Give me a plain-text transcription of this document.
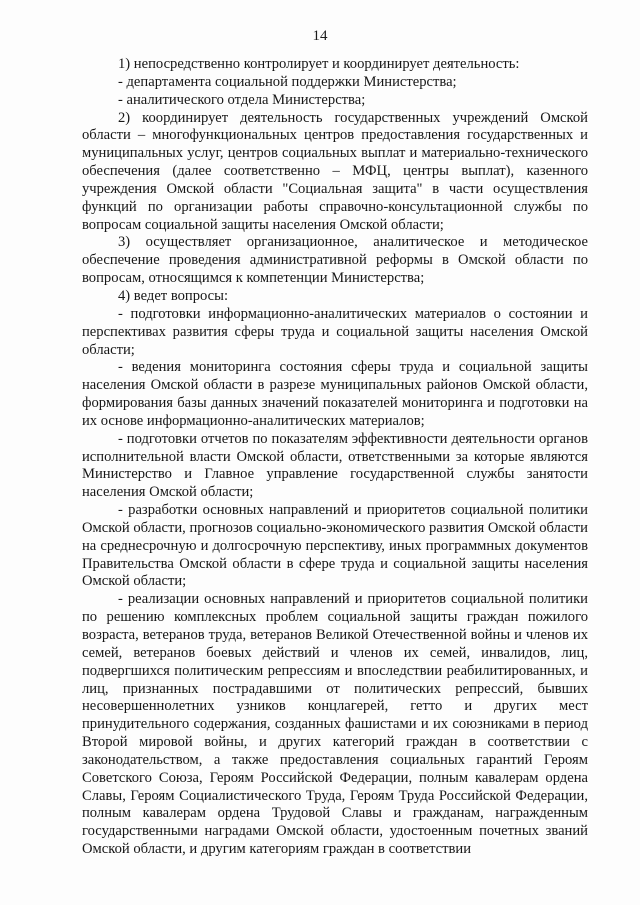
14

1) непосредственно контролирует и координирует деятельность:

- департамента социальной поддержки Министерства;

- аналитического отдела Министерства;

2) координирует деятельность государственных учреждений Омской области – многофункциональных центров предоставления государственных и муниципальных услуг, центров социальных выплат и материально-технического обеспечения (далее соответственно – МФЦ, центры выплат), казенного учреждения Омской области "Социальная защита" в части осуществления функций по организации работы справочно-консультационной службы по вопросам социальной защиты населения Омской области;

3) осуществляет организационное, аналитическое и методическое обеспечение проведения административной реформы в Омской области по вопросам, относящимся к компетенции Министерства;

4) ведет вопросы:

- подготовки информационно-аналитических материалов о состоянии и перспективах развития сферы труда и социальной защиты населения Омской области;

- ведения мониторинга состояния сферы труда и социальной защиты населения Омской области в разрезе муниципальных районов Омской области, формирования базы данных значений показателей мониторинга и подготовки на их основе информационно-аналитических материалов;

- подготовки отчетов по показателям эффективности деятельности органов исполнительной власти Омской области, ответственными за которые являются Министерство и Главное управление государственной службы занятости населения Омской области;

- разработки основных направлений и приоритетов социальной политики Омской области, прогнозов социально-экономического развития Омской области на среднесрочную и долгосрочную перспективу, иных программных документов Правительства Омской области в сфере труда и социальной защиты населения Омской области;

- реализации основных направлений и приоритетов социальной политики по решению комплексных проблем социальной защиты граждан пожилого возраста, ветеранов труда, ветеранов Великой Отечественной войны и членов их семей, ветеранов боевых действий и членов их семей, инвалидов, лиц, подвергшихся политическим репрессиям и впоследствии реабилитированных, и лиц, признанных пострадавшими от политических репрессий, бывших несовершеннолетних узников концлагерей, гетто и других мест принудительного содержания, созданных фашистами и их союзниками в период Второй мировой войны, и других категорий граждан в соответствии с законодательством, а также предоставления социальных гарантий Героям Советского Союза, Героям Российской Федерации, полным кавалерам ордена Славы, Героям Социалистического Труда, Героям Труда Российской Федерации, полным кавалерам ордена Трудовой Славы и гражданам, награжденным государственными наградами Омской области, удостоенным почетных званий Омской области, и другим категориям граждан в соответствии
